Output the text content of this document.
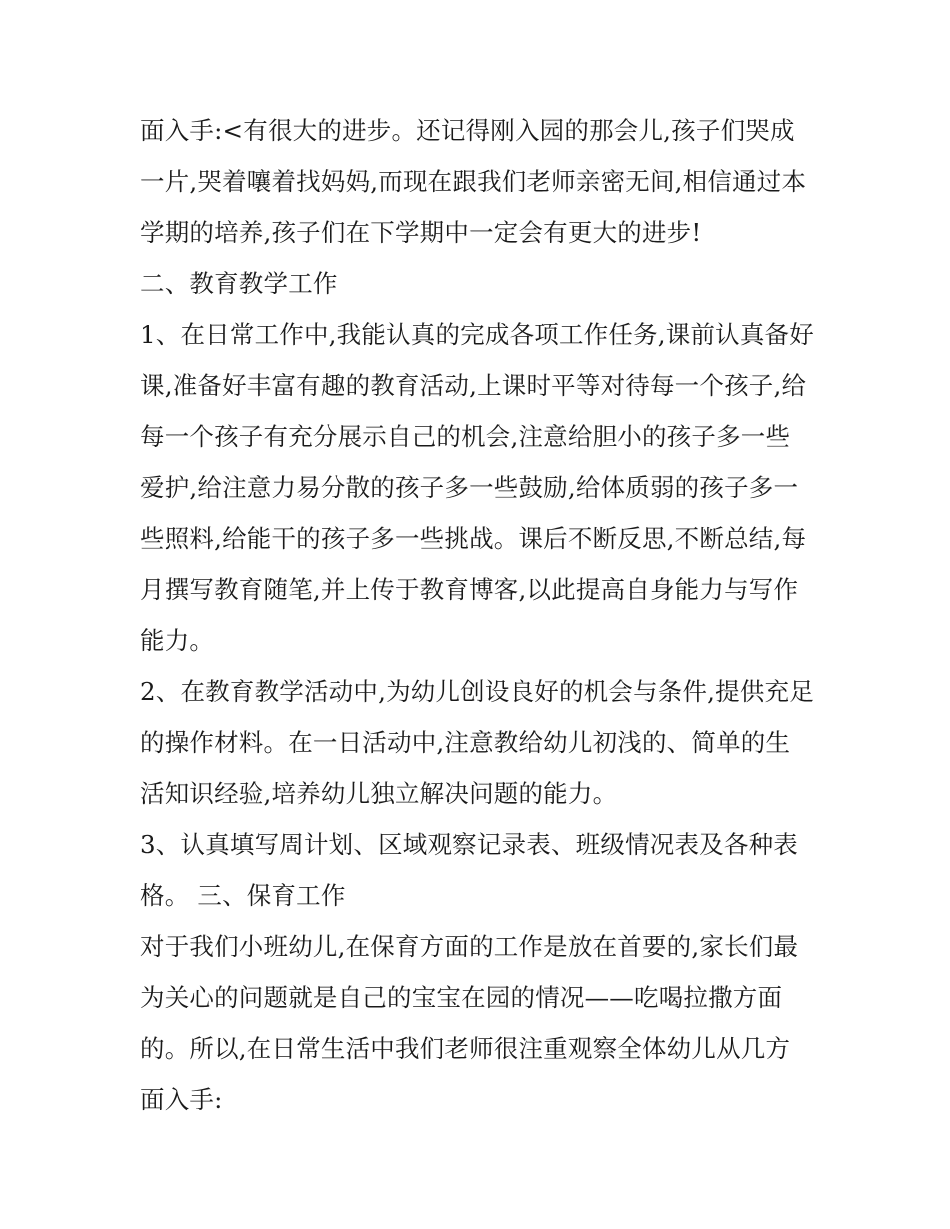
面入手:<有很大的进步。还记得刚入园的那会儿,孩子们哭成
一片,哭着嚷着找妈妈,而现在跟我们老师亲密无间,相信通过本
学期的培养,孩子们在下学期中一定会有更大的进步!
二、教育教学工作
1、在日常工作中,我能认真的完成各项工作任务,课前认真备好
课,准备好丰富有趣的教育活动,上课时平等对待每一个孩子,给
每一个孩子有充分展示自己的机会,注意给胆小的孩子多一些
爱护,给注意力易分散的孩子多一些鼓励,给体质弱的孩子多一
些照料,给能干的孩子多一些挑战。课后不断反思,不断总结,每
月撰写教育随笔,并上传于教育博客,以此提高自身能力与写作
能力。
2、在教育教学活动中,为幼儿创设良好的机会与条件,提供充足
的操作材料。在一日活动中,注意教给幼儿初浅的、简单的生
活知识经验,培养幼儿独立解决问题的能力。
3、认真填写周计划、区域观察记录表、班级情况表及各种表
格。 三、保育工作
对于我们小班幼儿,在保育方面的工作是放在首要的,家长们最
为关心的问题就是自己的宝宝在园的情况——吃喝拉撒方面
的。所以,在日常生活中我们老师很注重观察全体幼儿从几方
面入手:
